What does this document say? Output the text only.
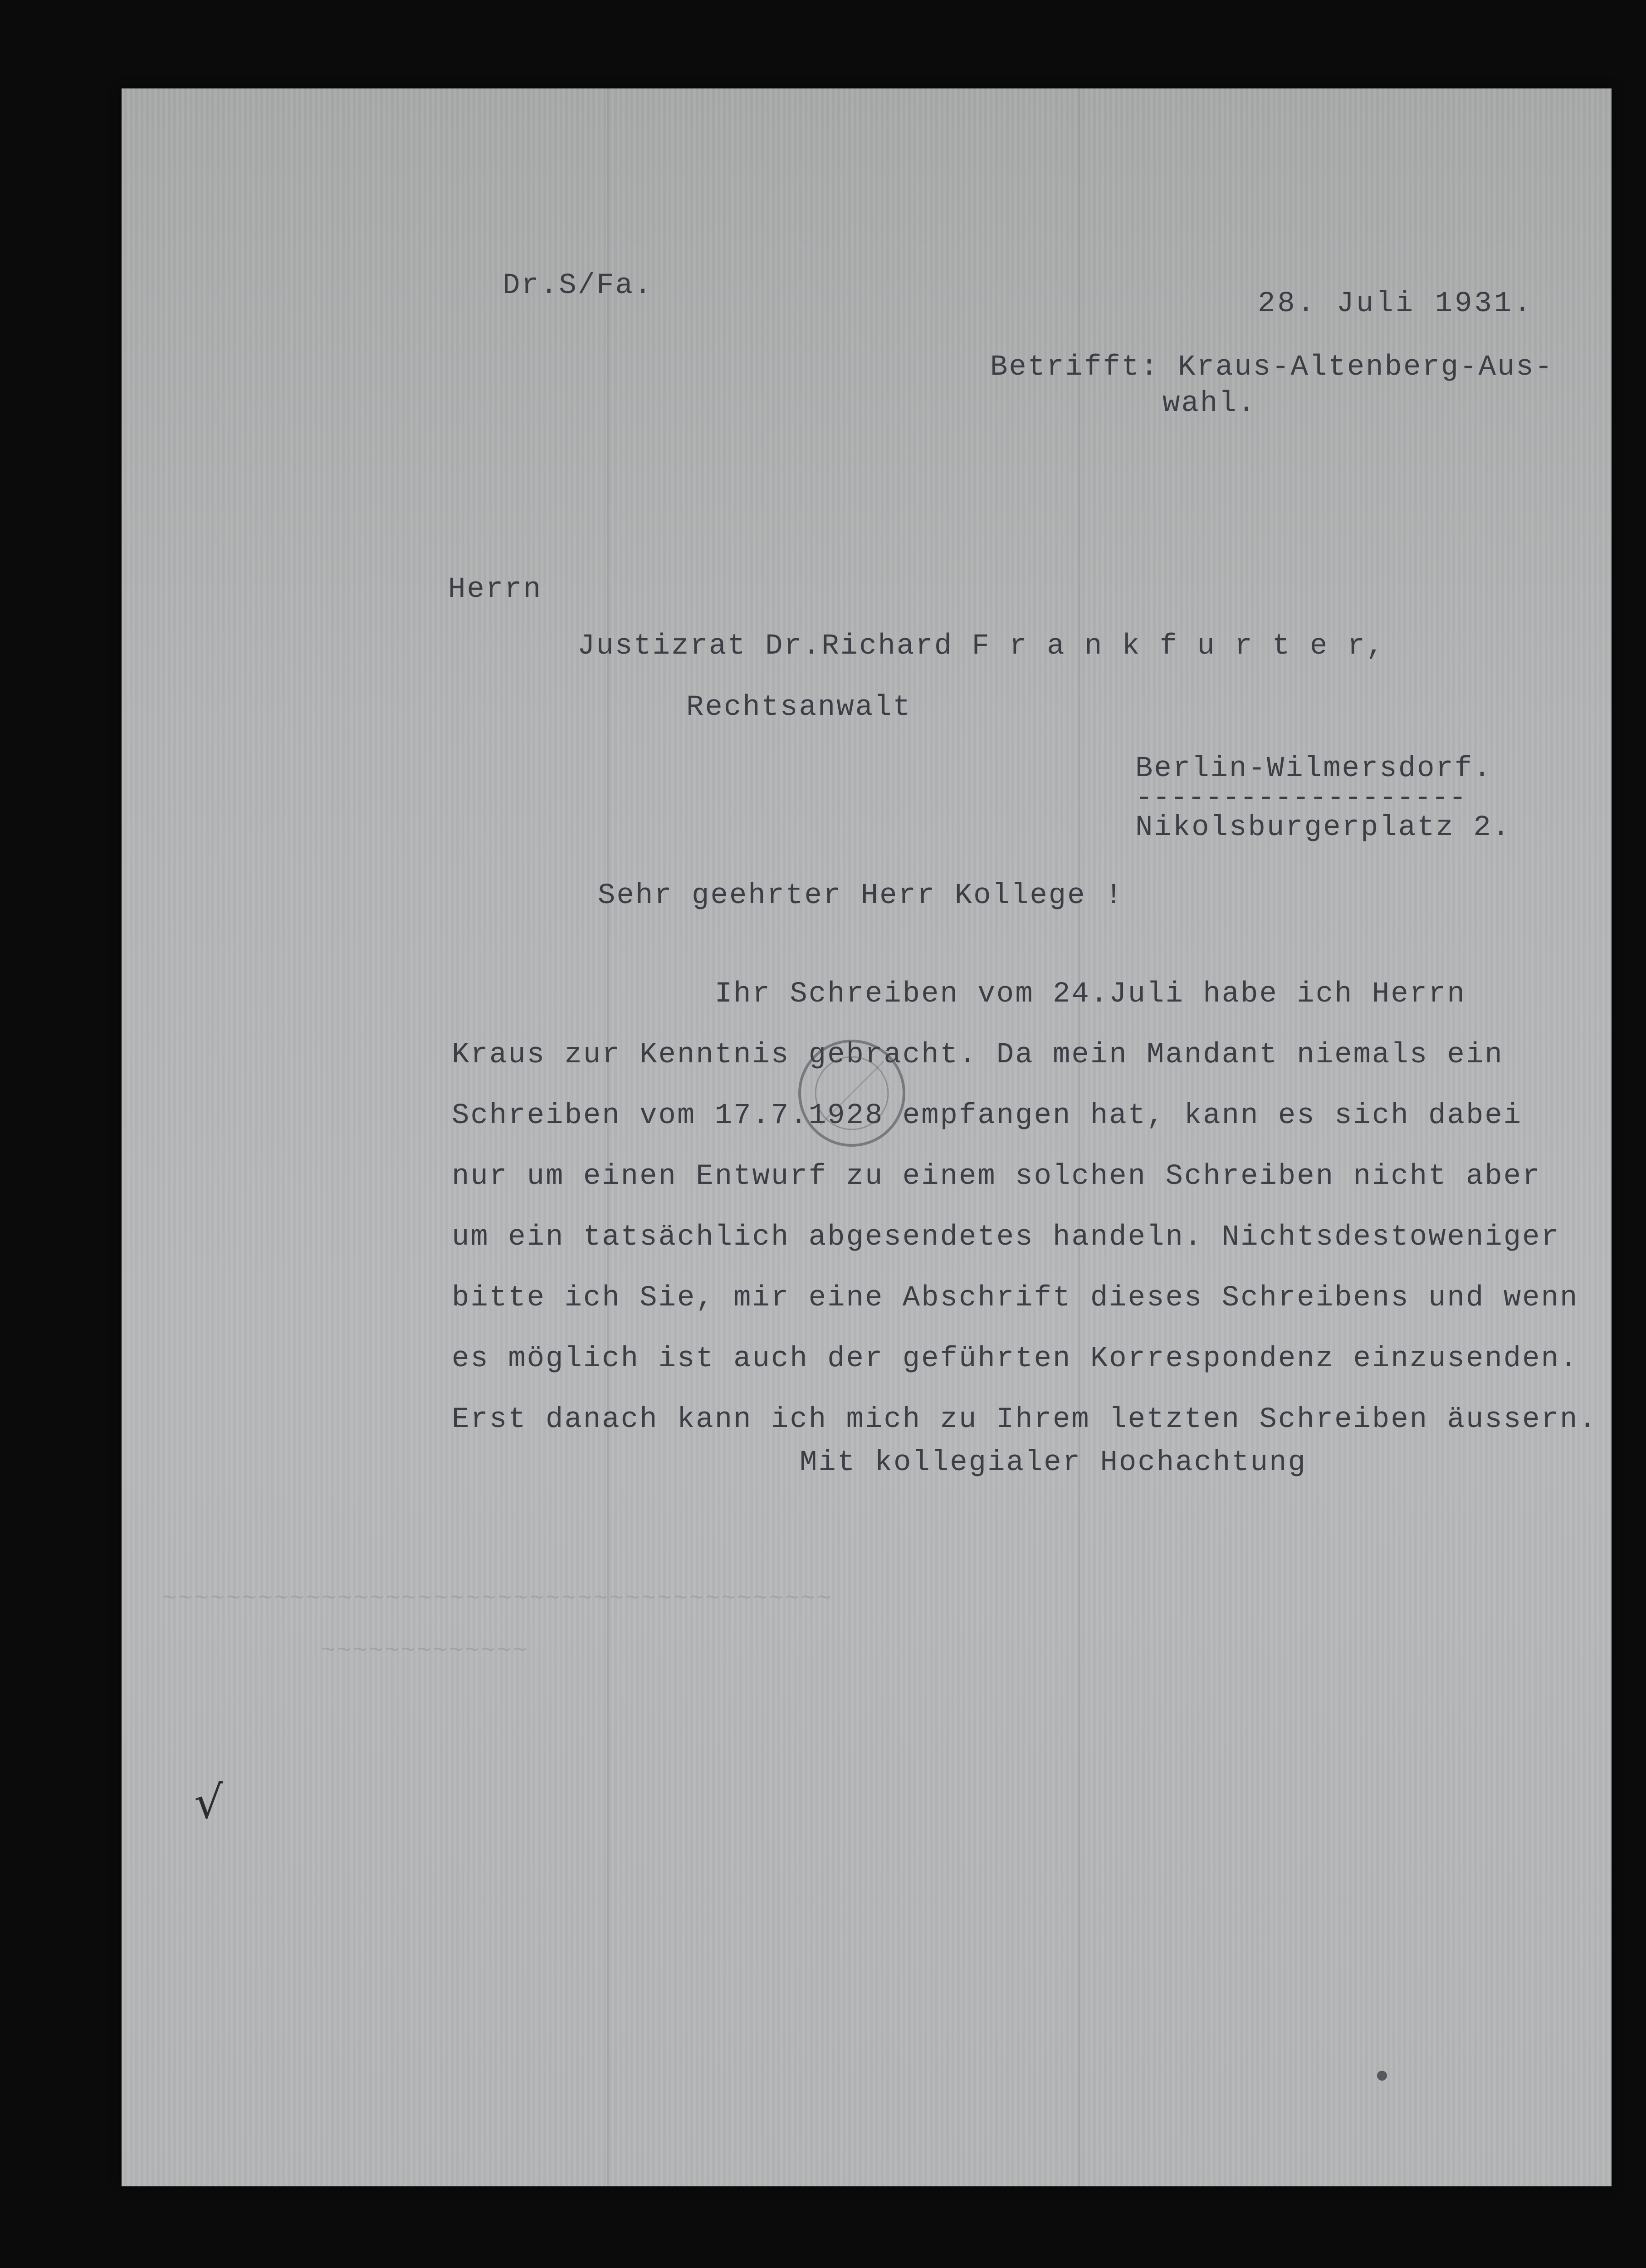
28. Juli 1931.

Dr.S/Fa.

Betrifft: Kraus-Altenberg-Aus-
wahl.

Herrn

Justizrat Dr.Richard F r a n k f u r t e r,

Rechtsanwalt

Berlin-Wilmersdorf.

-------------------

Nikolsburgerplatz 2.

Sehr geehrter Herr Kollege !

Ihr Schreiben vom 24.Juli habe ich Herrn
Kraus zur Kenntnis gebracht. Da mein Mandant niemals ein
Schreiben vom 17.7.1928 empfangen hat, kann es sich dabei
nur um einen Entwurf zu einem solchen Schreiben nicht aber
um ein tatsächlich abgesendetes handeln. Nichtsdestoweniger
bitte ich Sie, mir eine Abschrift dieses Schreibens und wenn
es möglich ist auch der geführten Korrespondenz einzusenden.
Erst danach kann ich mich zu Ihrem letzten Schreiben äussern.

Mit kollegialer Hochachtung

~~~~~~~~~~~~~~~~~~~~~~~~~~~~~~~~~~~~~~~~~~
~~~~~~~~~~~~~
√
